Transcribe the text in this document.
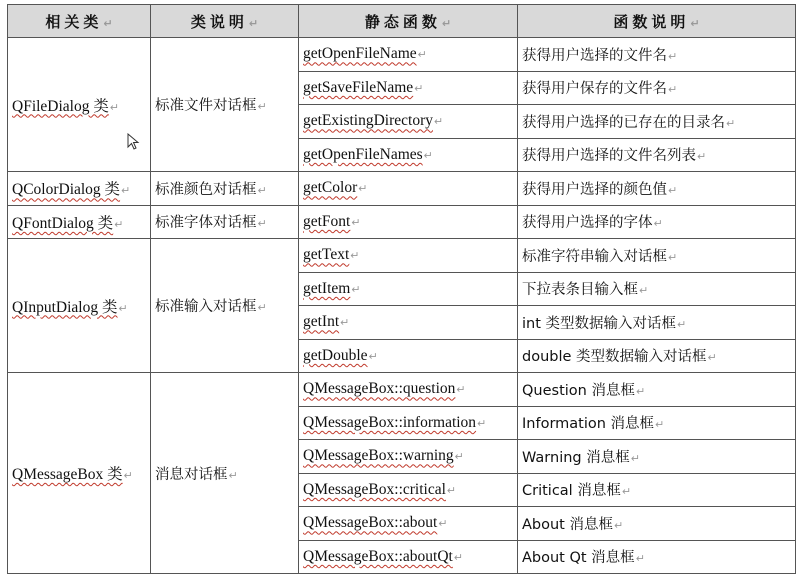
相关类↵	类说明↵	静态函数↵	函数说明↵
QFileDialog 类↵	标准文件对话框↵	getOpenFileName↵	获得用户选择的文件名↵
		getSaveFileName↵	获得用户保存的文件名↵
		getExistingDirectory↵	获得用户选择的已存在的目录名↵
		getOpenFileNames↵	获得用户选择的文件名列表↵
QColorDialog 类↵	标准颜色对话框↵	getColor↵	获得用户选择的颜色值↵
QFontDialog 类↵	标准字体对话框↵	getFont↵	获得用户选择的字体↵
QInputDialog 类↵	标准输入对话框↵	getText↵	标准字符串输入对话框↵
		getItem↵	下拉表条目输入框↵
		getInt↵	int 类型数据输入对话框↵
		getDouble↵	double 类型数据输入对话框↵
QMessageBox 类↵	消息对话框↵	QMessageBox::question↵	Question 消息框↵
		QMessageBox::information↵	Information 消息框↵
		QMessageBox::warning↵	Warning 消息框↵
		QMessageBox::critical↵	Critical 消息框↵
		QMessageBox::about↵	About 消息框↵
		QMessageBox::aboutQt↵	About Qt 消息框↵
